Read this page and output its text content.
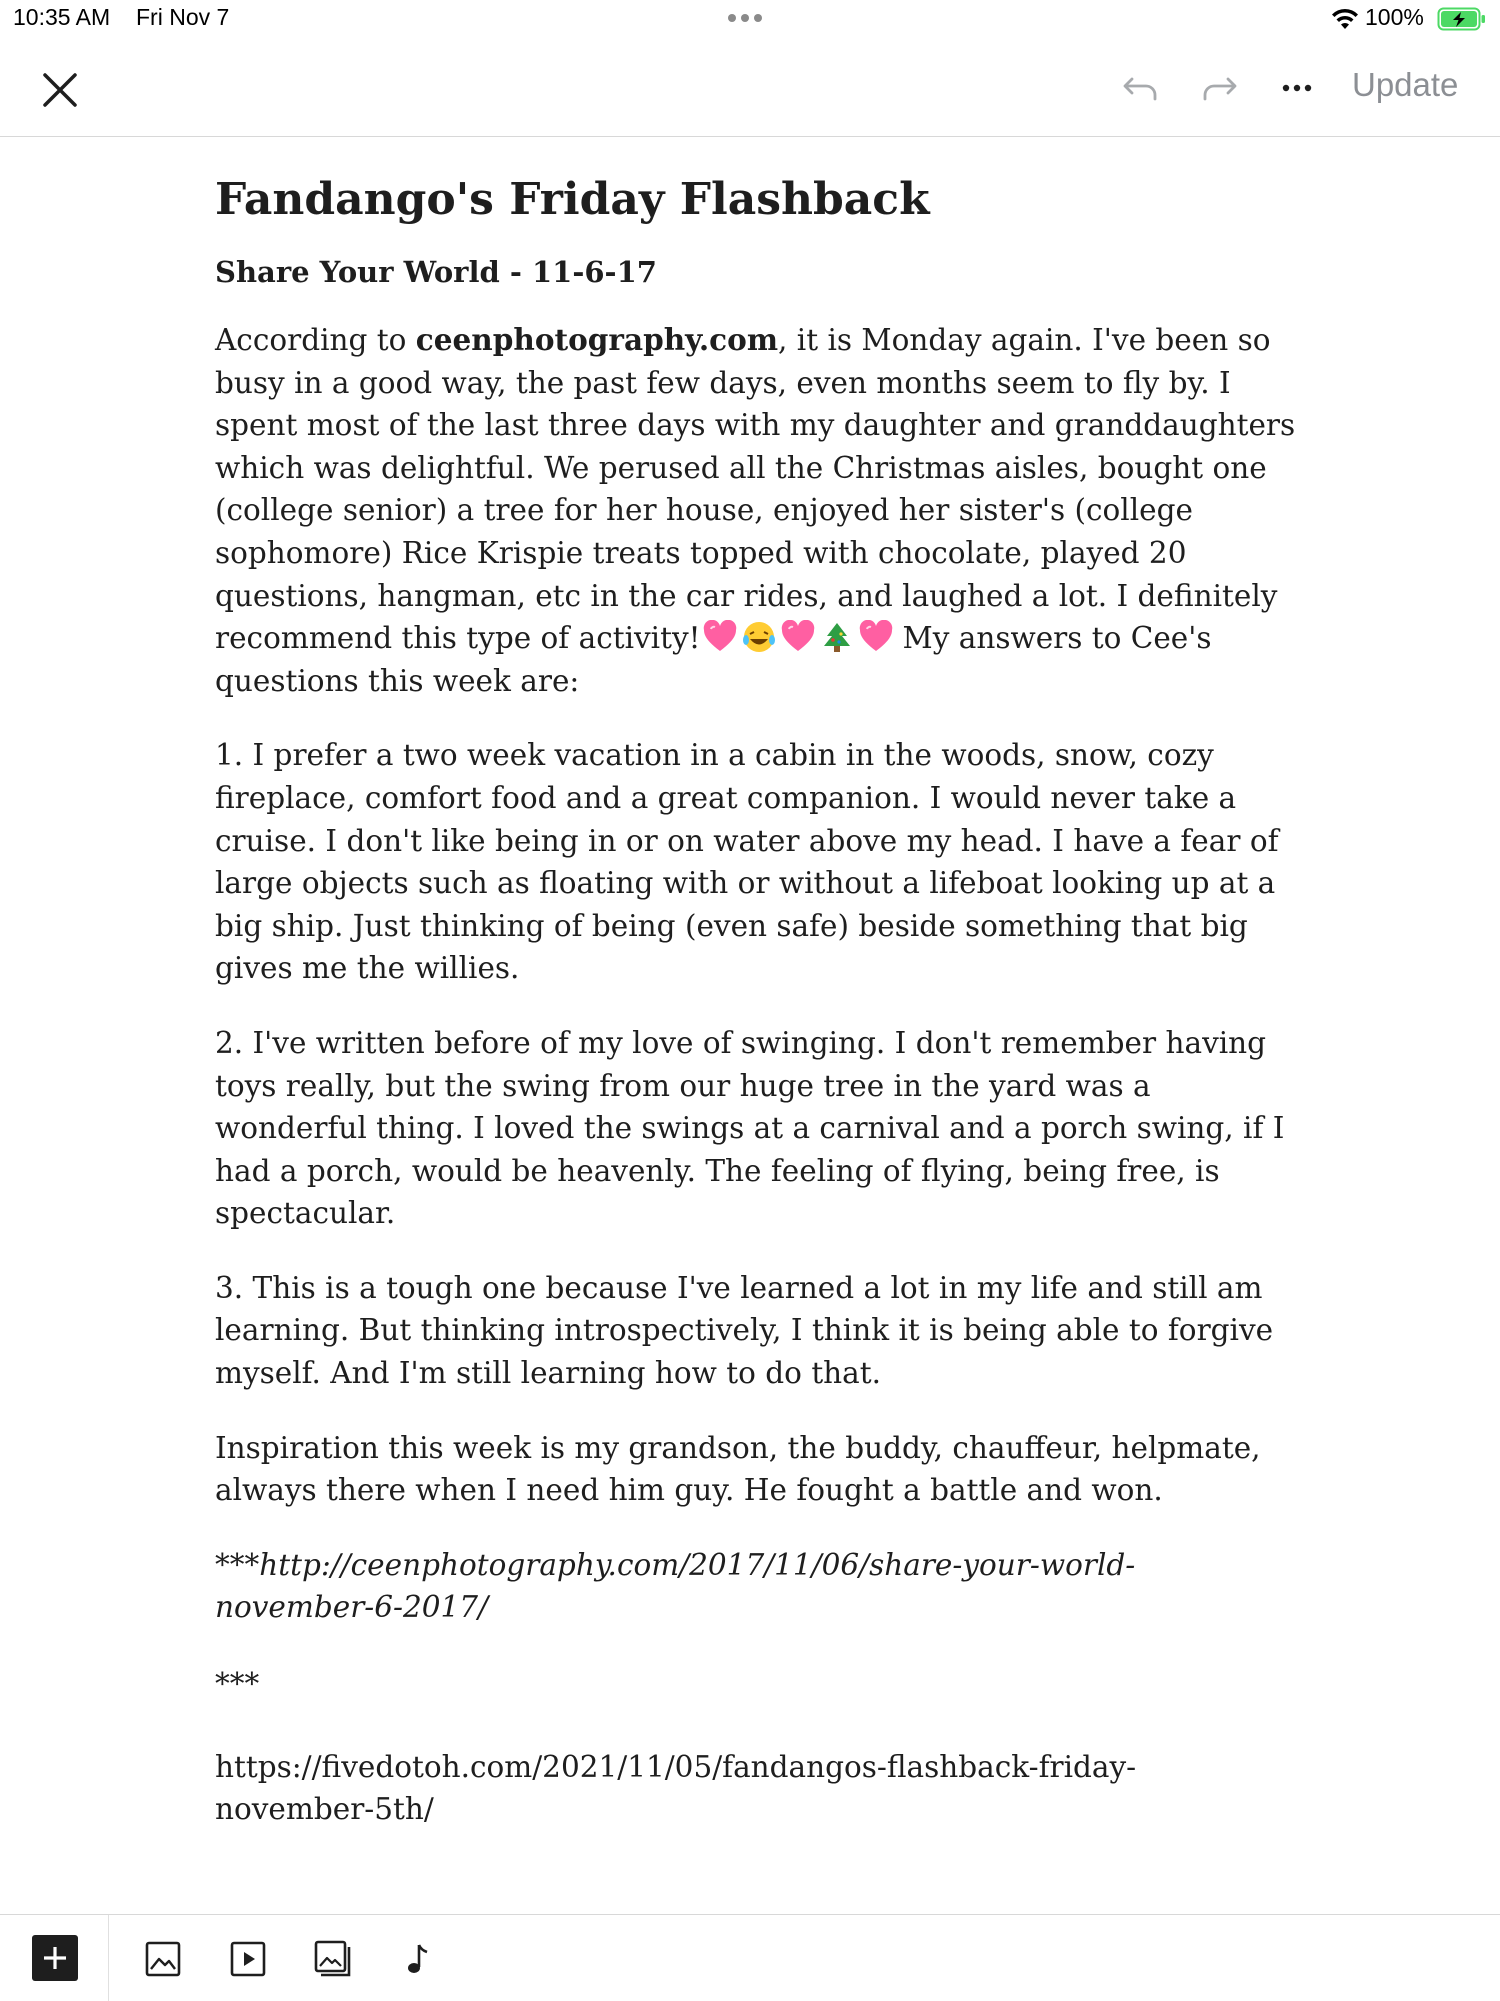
10:35 AM Fri Nov 7	100%
Update
Fandango's Friday Flashback
Share Your World - 11-6-17

According to ceenphotography.com, it is Monday again. I've been so
busy in a good way, the past few days, even months seem to fly by. I
spent most of the last three days with my daughter and granddaughters
which was delightful. We perused all the Christmas aisles, bought one
(college senior) a tree for her house, enjoyed her sister's (college
sophomore) Rice Krispie treats topped with chocolate, played 20
questions, hangman, etc in the car rides, and laughed a lot. I definitely
recommend this type of activity!	My answers to Cee's
questions this week are:

1. I prefer a two week vacation in a cabin in the woods, snow, cozy
fireplace, comfort food and a great companion. I would never take a
cruise. I don't like being in or on water above my head. I have a fear of
large objects such as floating with or without a lifeboat looking up at a
big ship. Just thinking of being (even safe) beside something that big
gives me the willies.

2. I've written before of my love of swinging. I don't remember having
toys really, but the swing from our huge tree in the yard was a
wonderful thing. I loved the swings at a carnival and a porch swing, if I
had a porch, would be heavenly. The feeling of flying, being free, is
spectacular.

3. This is a tough one because I've learned a lot in my life and still am
learning. But thinking introspectively, I think it is being able to forgive
myself. And I'm still learning how to do that.

Inspiration this week is my grandson, the buddy, chauffeur, helpmate,
always there when I need him guy. He fought a battle and won.

***http://ceenphotography.com/2017/11/06/share-your-world-
november-6-2017/

***

https://fivedotoh.com/2021/11/05/fandangos-flashback-friday-
november-5th/
